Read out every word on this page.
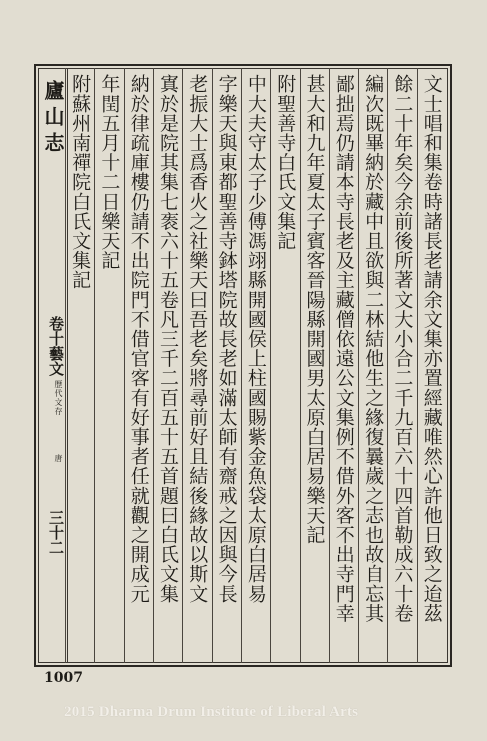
廬山志
卷十藝文
歷代文存
唐
三十二	文士唱和集卷時諸長老請余文集亦置經藏唯然心許他日致之迨茲
餘二十年矣今余前後所著文大小合二千九百六十四首勒成六十卷
編次既畢納於藏中且欲與二林結他生之緣復曩歲之志也故自忘其
鄙拙焉仍請本寺長老及主藏僧依遠公文集例不借外客不出寺門幸
甚大和九年夏太子賓客晉陽縣開國男太原白居易樂天記
附聖善寺白氏文集記
中大夫守太子少傅馮翊縣開國侯上柱國賜紫金魚袋太原白居易
字樂天與東都聖善寺鉢塔院故長老如滿太師有齋戒之因與今長
老振大士爲香火之社樂天曰吾老矣將尋前好且結後緣故以斯文
寘於是院其集七袠六十五卷凡三千二百五十五首題曰白氏文集
納於律疏庫樓仍請不出院門不借官客有好事者任就觀之開成元
年閏五月十二日樂天記
附蘇州南禪院白氏文集記
1007
2015 Dharma Drum Institute of Liberal Arts
